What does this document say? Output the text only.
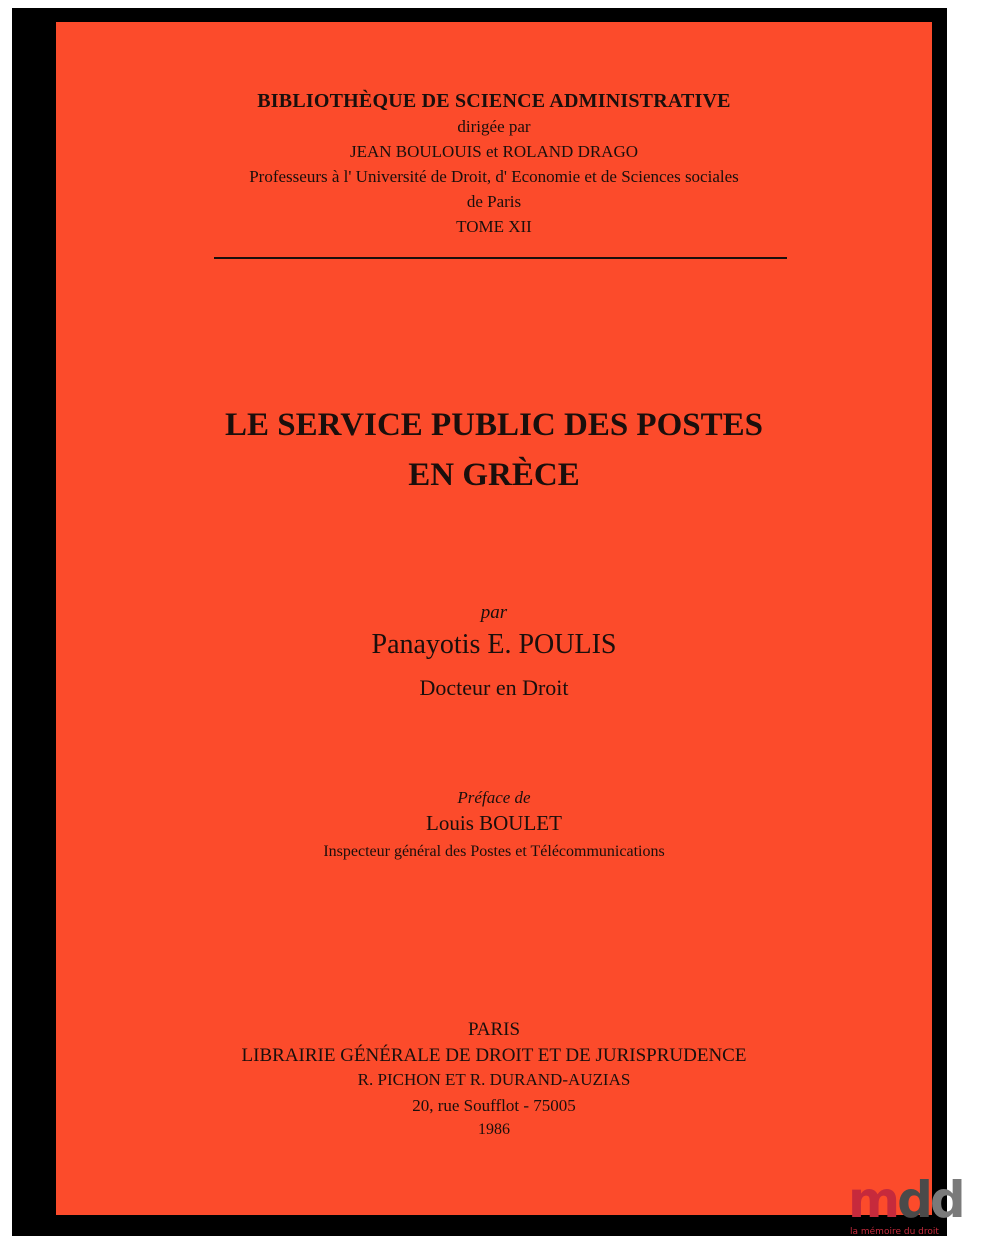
BIBLIOTHÈQUE DE SCIENCE ADMINISTRATIVE
dirigée par
JEAN BOULOUIS et ROLAND DRAGO
Professeurs à l' Université de Droit, d' Economie et de Sciences sociales
de Paris
TOME XII
LE SERVICE PUBLIC DES POSTES
EN GRÈCE
par
Panayotis E. POULIS
Docteur en Droit
Préface de
Louis BOULET
Inspecteur général des Postes et Télécommunications
PARIS
LIBRAIRIE GÉNÉRALE DE DROIT ET DE JURISPRUDENCE
R. PICHON ET R. DURAND-AUZIAS
20, rue Soufflot - 75005
1986
mdd
la mémoire du droit
